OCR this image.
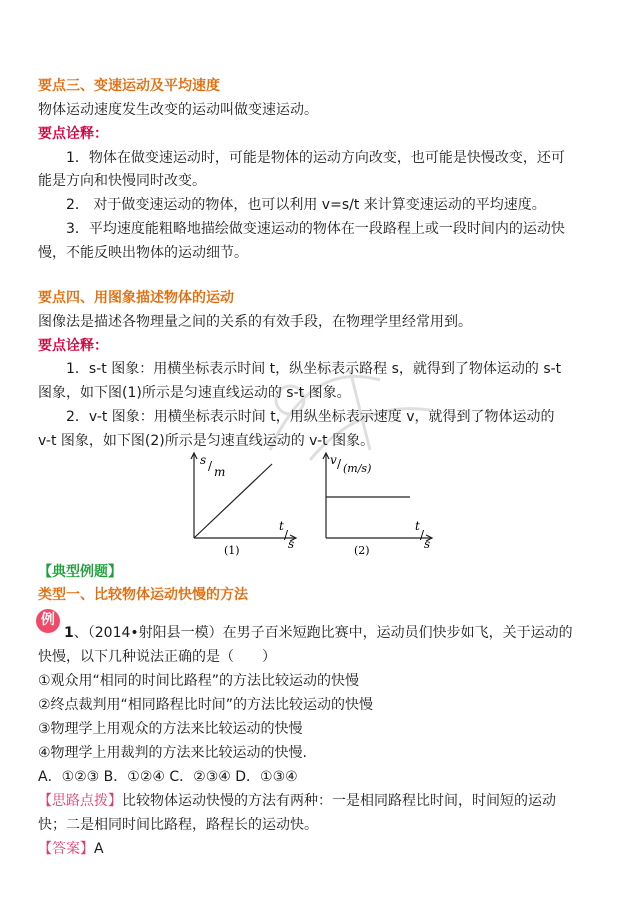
要点三、变速运动及平均速度
物体运动速度发生改变的运动叫做变速运动。
要点诠释：
1．物体在做变速运动时，可能是物体的运动方向改变，也可能是快慢改变，还可
能是方向和快慢同时改变。
2． 对于做变速运动的物体，也可以利用 v=s/t 来计算变速运动的平均速度。
3．平均速度能粗略地描绘做变速运动的物体在一段路程上或一段时间内的运动快
慢，不能反映出物体的运动细节。
要点四、用图象描述物体的运动
图像法是描述各物理量之间的关系的有效手段，在物理学里经常用到。
要点诠释：
1．s-t 图象：用横坐标表示时间 t，纵坐标表示路程 s，就得到了物体运动的 s-t
图象，如下图(1)所示是匀速直线运动的 s-t 图象。
2．v-t 图象：用横坐标表示时间 t，用纵坐标表示速度 v，就得到了物体运动的
v-t 图象，如下图(2)所示是匀速直线运动的 v-t 图象。
s / m
t
/
s
(1)
v / (m/s)
t
/
s
(2)
【典型例题】
类型一、比较物体运动快慢的方法
例
1、（2014•射阳县一模）在男子百米短跑比赛中，运动员们快步如飞，关于运动的
快慢，以下几种说法正确的是（　　）
①观众用“相同的时间比路程”的方法比较运动的快慢
②终点裁判用“相同路程比时间”的方法比较运动的快慢
③物理学上用观众的方法来比较运动的快慢
④物理学上用裁判的方法来比较运动的快慢.
A．①②③ B．①②④ C．②③④ D．①③④
【思路点拨】比较物体运动快慢的方法有两种：一是相同路程比时间，时间短的运动
快；二是相同时间比路程，路程长的运动快。
【答案】A
